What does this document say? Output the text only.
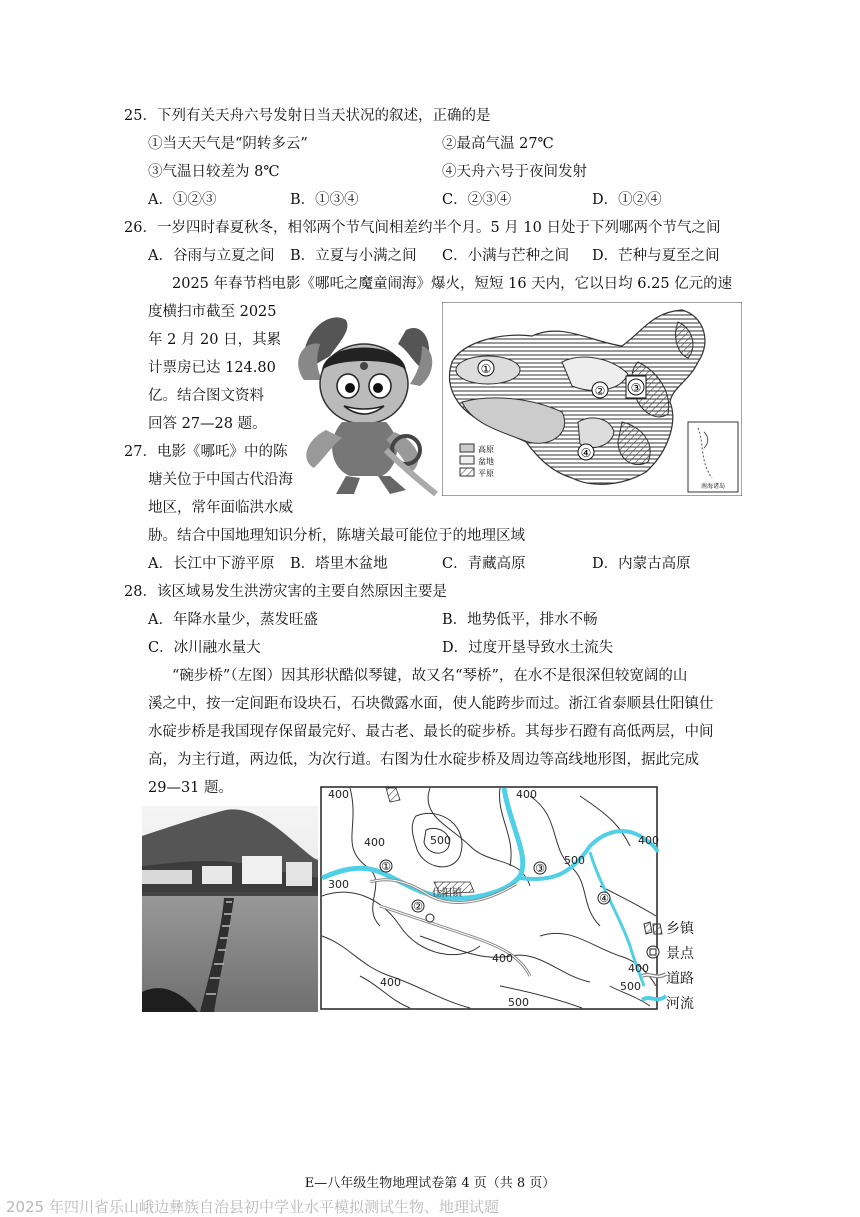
25．下列有关天舟六号发射日当天状况的叙述，正确的是
①当天天气是“阴转多云”	②最高气温 27℃
③气温日较差为 8℃	④天舟六号于夜间发射
A．①②③	B．①③④	C．②③④	D．①②④
26．一岁四时春夏秋冬，相邻两个节气间相差约半个月。5 月 10 日处于下列哪两个节气之间
A．谷雨与立夏之间 B．立夏与小满之间 C．小满与芒种之间 D．芒种与夏至之间
2025 年春节档电影《哪吒之魔童闹海》爆火，短短 16 天内，它以日均 6.25 亿元的速
度横扫市截至 2025
年 2 月 20 日，其累
计票房已达 124.80
亿。结合图文资料
回答 27—28 题。
①
② ③
④
高原
盆地
平原
南海诸岛
27．电影《哪吒》中的陈
塘关位于中国古代沿海
地区，常年面临洪水威
胁。结合中国地理知识分析，陈塘关最可能位于的地理区域
A．长江中下游平原 B．塔里木盆地	C．青藏高原	D．内蒙古高原
28．该区域易发生洪涝灾害的主要自然原因主要是
A．年降水量少，蒸发旺盛	B．地势低平，排水不畅
C．冰川融水量大	D．过度开垦导致水土流失
“碗步桥”（左图）因其形状酷似琴键，故又名“琴桥”，在水不是很深但较宽阔的山
溪之中，按一定间距布设块石，石块微露水面，使人能跨步而过。浙江省泰顺县仕阳镇仕
水碇步桥是我国现存保留最完好、最古老、最长的碇步桥。其每步石蹬有高低两层，中间
高，为主行道，两边低，为次行道。右图为仕水碇步桥及周边等高线地形图，据此完成
29—31 题。	400	400
500
500
300
400
400
400	500
500
400
400
仕阳镇
①
②
③
④
乡镇
景点
道路
河流
E—八年级生物地理试卷第 4 页（共 8 页）
2025 年四川省乐山峨边彝族自治县初中学业水平模拟测试生物、地理试题
